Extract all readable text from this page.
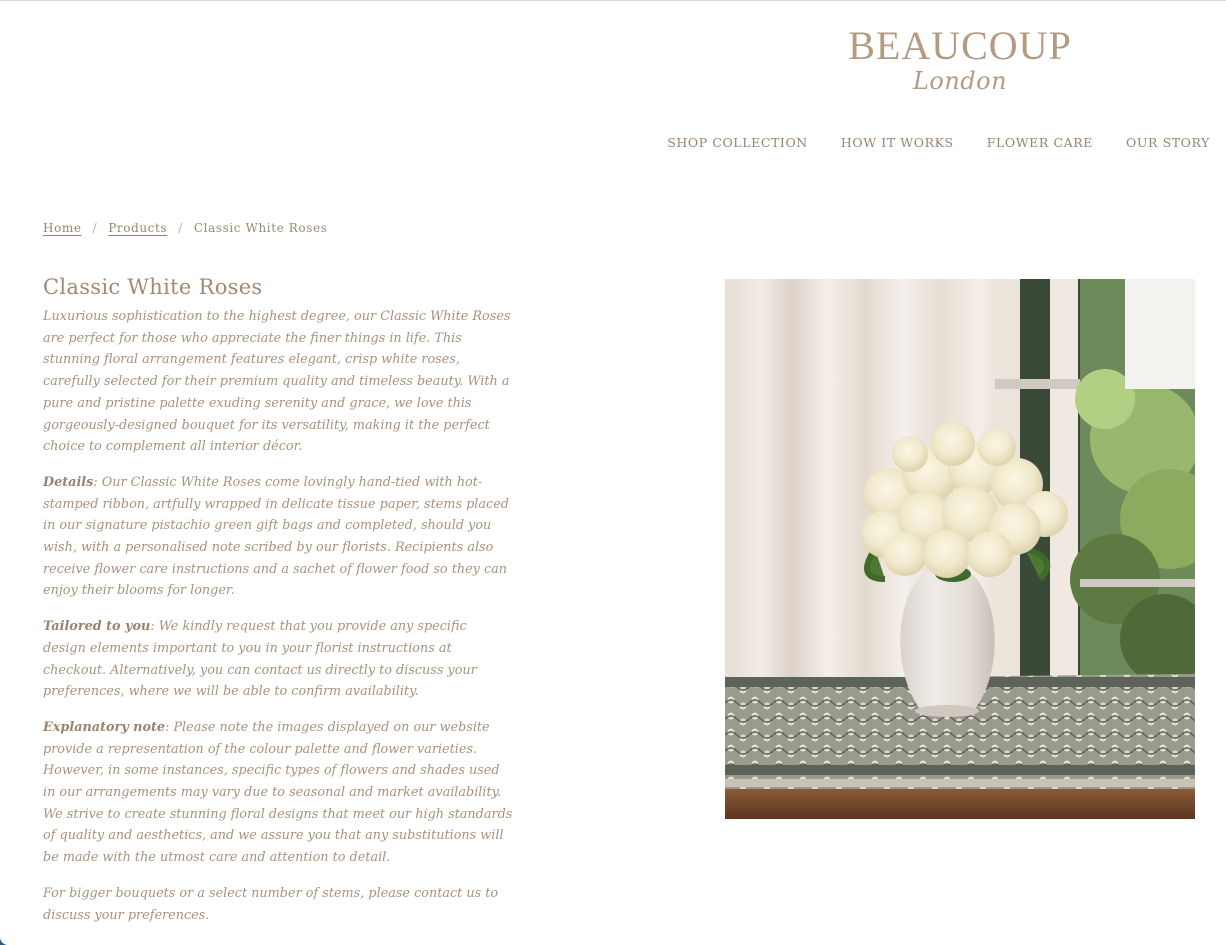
BEAUCOUP
London
SHOP COLLECTION	HOW IT WORKS	FLOWER CARE	OUR STORY
Home / Products / Classic White Roses
Classic White Roses

Luxurious sophistication to the highest degree, our Classic White Roses are perfect for those who appreciate the finer things in life. This stunning floral arrangement features elegant, crisp white roses, carefully selected for their premium quality and timeless beauty. With a pure and pristine palette exuding serenity and grace, we love this gorgeously-designed bouquet for its versatility, making it the perfect choice to complement all interior décor.

Details: Our Classic White Roses come lovingly hand-tied with hot-stamped ribbon, artfully wrapped in delicate tissue paper, stems placed in our signature pistachio green gift bags and completed, should you wish, with a personalised note scribed by our florists. Recipients also receive flower care instructions and a sachet of flower food so they can enjoy their blooms for longer.

Tailored to you: We kindly request that you provide any specific design elements important to you in your florist instructions at checkout. Alternatively, you can contact us directly to discuss your preferences, where we will be able to confirm availability.

Explanatory note: Please note the images displayed on our website provide a representation of the colour palette and flower varieties. However, in some instances, specific types of flowers and shades used in our arrangements may vary due to seasonal and market availability. We strive to create stunning floral designs that meet our high standards of quality and aesthetics, and we assure you that any substitutions will be made with the utmost care and attention to detail.

For bigger bouquets or a select number of stems, please contact us to discuss your preferences.
